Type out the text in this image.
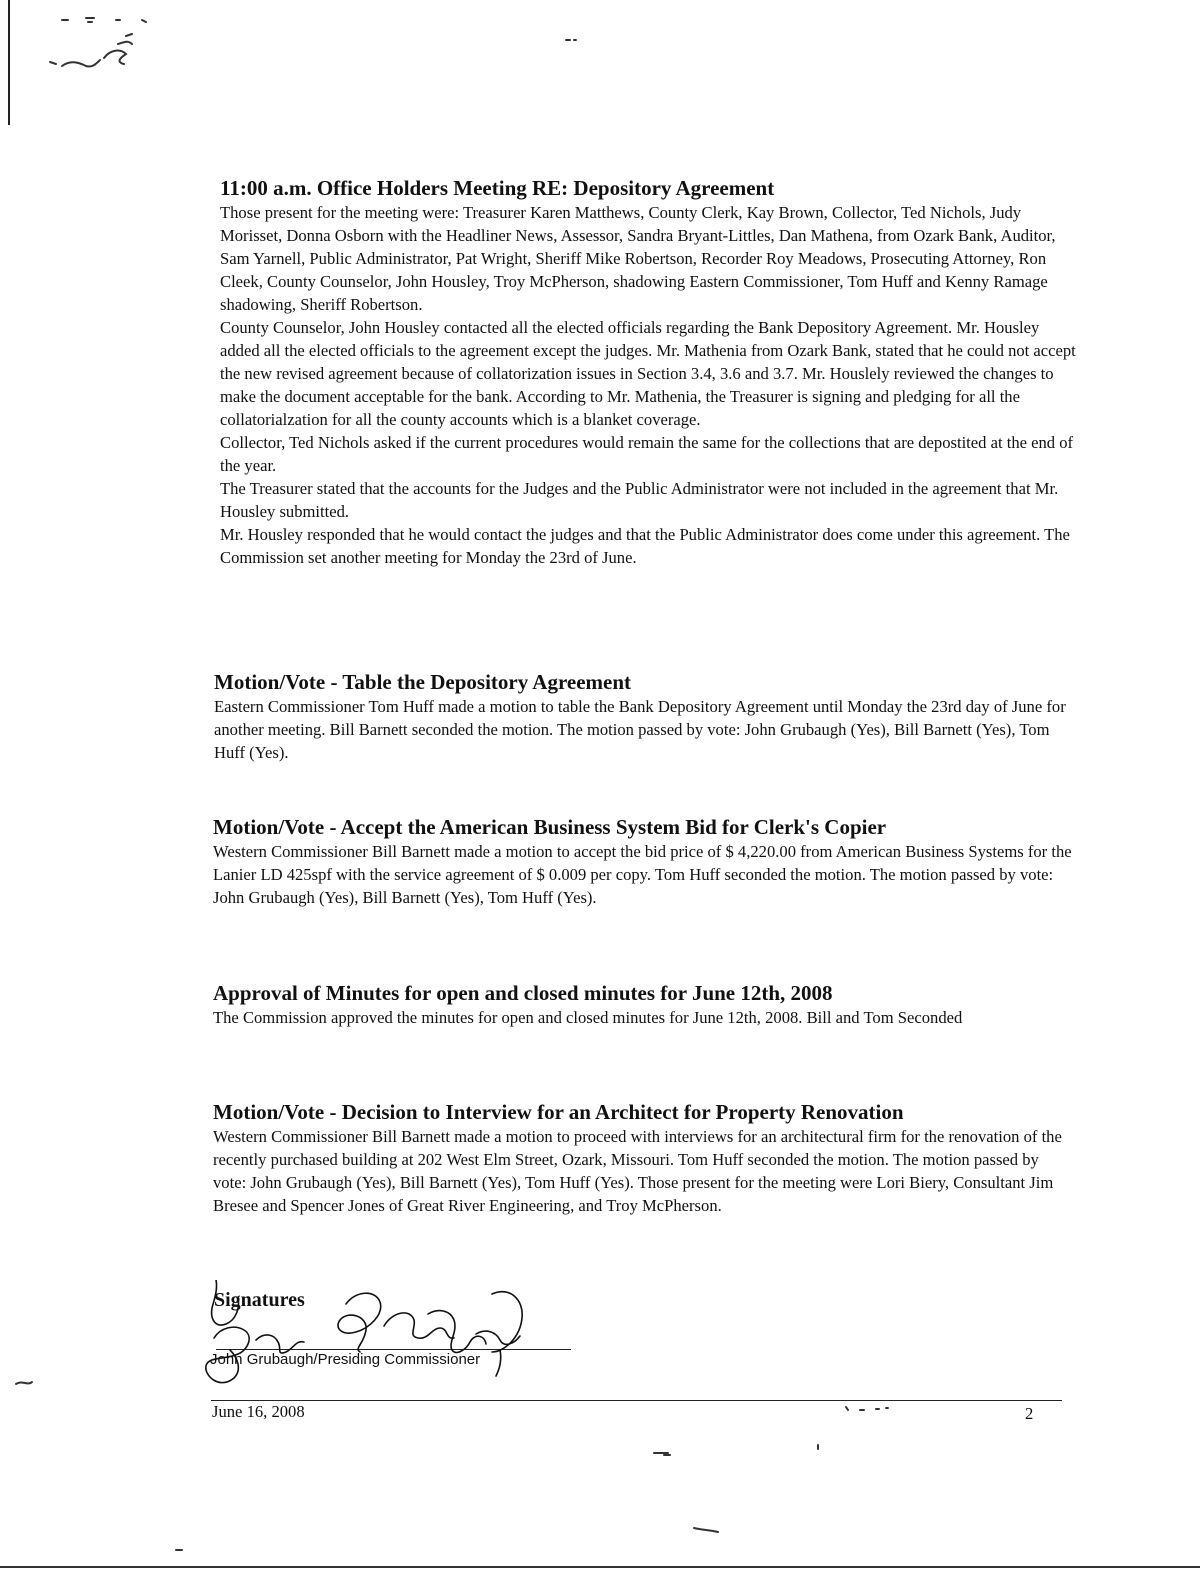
11:00 a.m. Office Holders Meeting RE: Depository Agreement

Those present for the meeting were: Treasurer Karen Matthews, County Clerk, Kay Brown, Collector, Ted Nichols, Judy Morisset, Donna Osborn with the Headliner News, Assessor, Sandra Bryant-Littles, Dan Mathena, from Ozark Bank, Auditor, Sam Yarnell, Public Administrator, Pat Wright, Sheriff Mike Robertson, Recorder Roy Meadows, Prosecuting Attorney, Ron Cleek, County Counselor, John Housley, Troy McPherson, shadowing Eastern Commissioner, Tom Huff and Kenny Ramage shadowing, Sheriff Robertson.

County Counselor, John Housley contacted all the elected officials regarding the Bank Depository Agreement. Mr. Housley added all the elected officials to the agreement except the judges. Mr. Mathenia from Ozark Bank, stated that he could not accept the new revised agreement because of collatorization issues in Section 3.4, 3.6 and 3.7. Mr. Houslely reviewed the changes to make the document acceptable for the bank. According to Mr. Mathenia, the Treasurer is signing and pledging for all the collatorialzation for all the county accounts which is a blanket coverage.

Collector, Ted Nichols asked if the current procedures would remain the same for the collections that are depostited at the end of the year.

The Treasurer stated that the accounts for the Judges and the Public Administrator were not included in the agreement that Mr. Housley submitted.

Mr. Housley responded that he would contact the judges and that the Public Administrator does come under this agreement. The Commission set another meeting for Monday the 23rd of June.

Motion/Vote - Table the Depository Agreement

Eastern Commissioner Tom Huff made a motion to table the Bank Depository Agreement until Monday the 23rd day of June for another meeting. Bill Barnett seconded the motion. The motion passed by vote: John Grubaugh (Yes), Bill Barnett (Yes), Tom Huff (Yes).

Motion/Vote - Accept the American Business System Bid for Clerk's Copier

Western Commissioner Bill Barnett made a motion to accept the bid price of $ 4,220.00 from American Business Systems for the Lanier LD 425spf with the service agreement of $ 0.009 per copy. Tom Huff seconded the motion. The motion passed by vote: John Grubaugh (Yes), Bill Barnett (Yes), Tom Huff (Yes).

Approval of Minutes for open and closed minutes for June 12th, 2008

The Commission approved the minutes for open and closed minutes for June 12th, 2008. Bill and Tom Seconded

Motion/Vote - Decision to Interview for an Architect for Property Renovation

Western Commissioner Bill Barnett made a motion to proceed with interviews for an architectural firm for the renovation of the recently purchased building at 202 West Elm Street, Ozark, Missouri. Tom Huff seconded the motion. The motion passed by vote: John Grubaugh (Yes), Bill Barnett (Yes), Tom Huff (Yes). Those present for the meeting were Lori Biery, Consultant Jim Bresee and Spencer Jones of Great River Engineering, and Troy McPherson.

Signatures
John Grubaugh/Presiding Commissioner
June 16, 2008	2
